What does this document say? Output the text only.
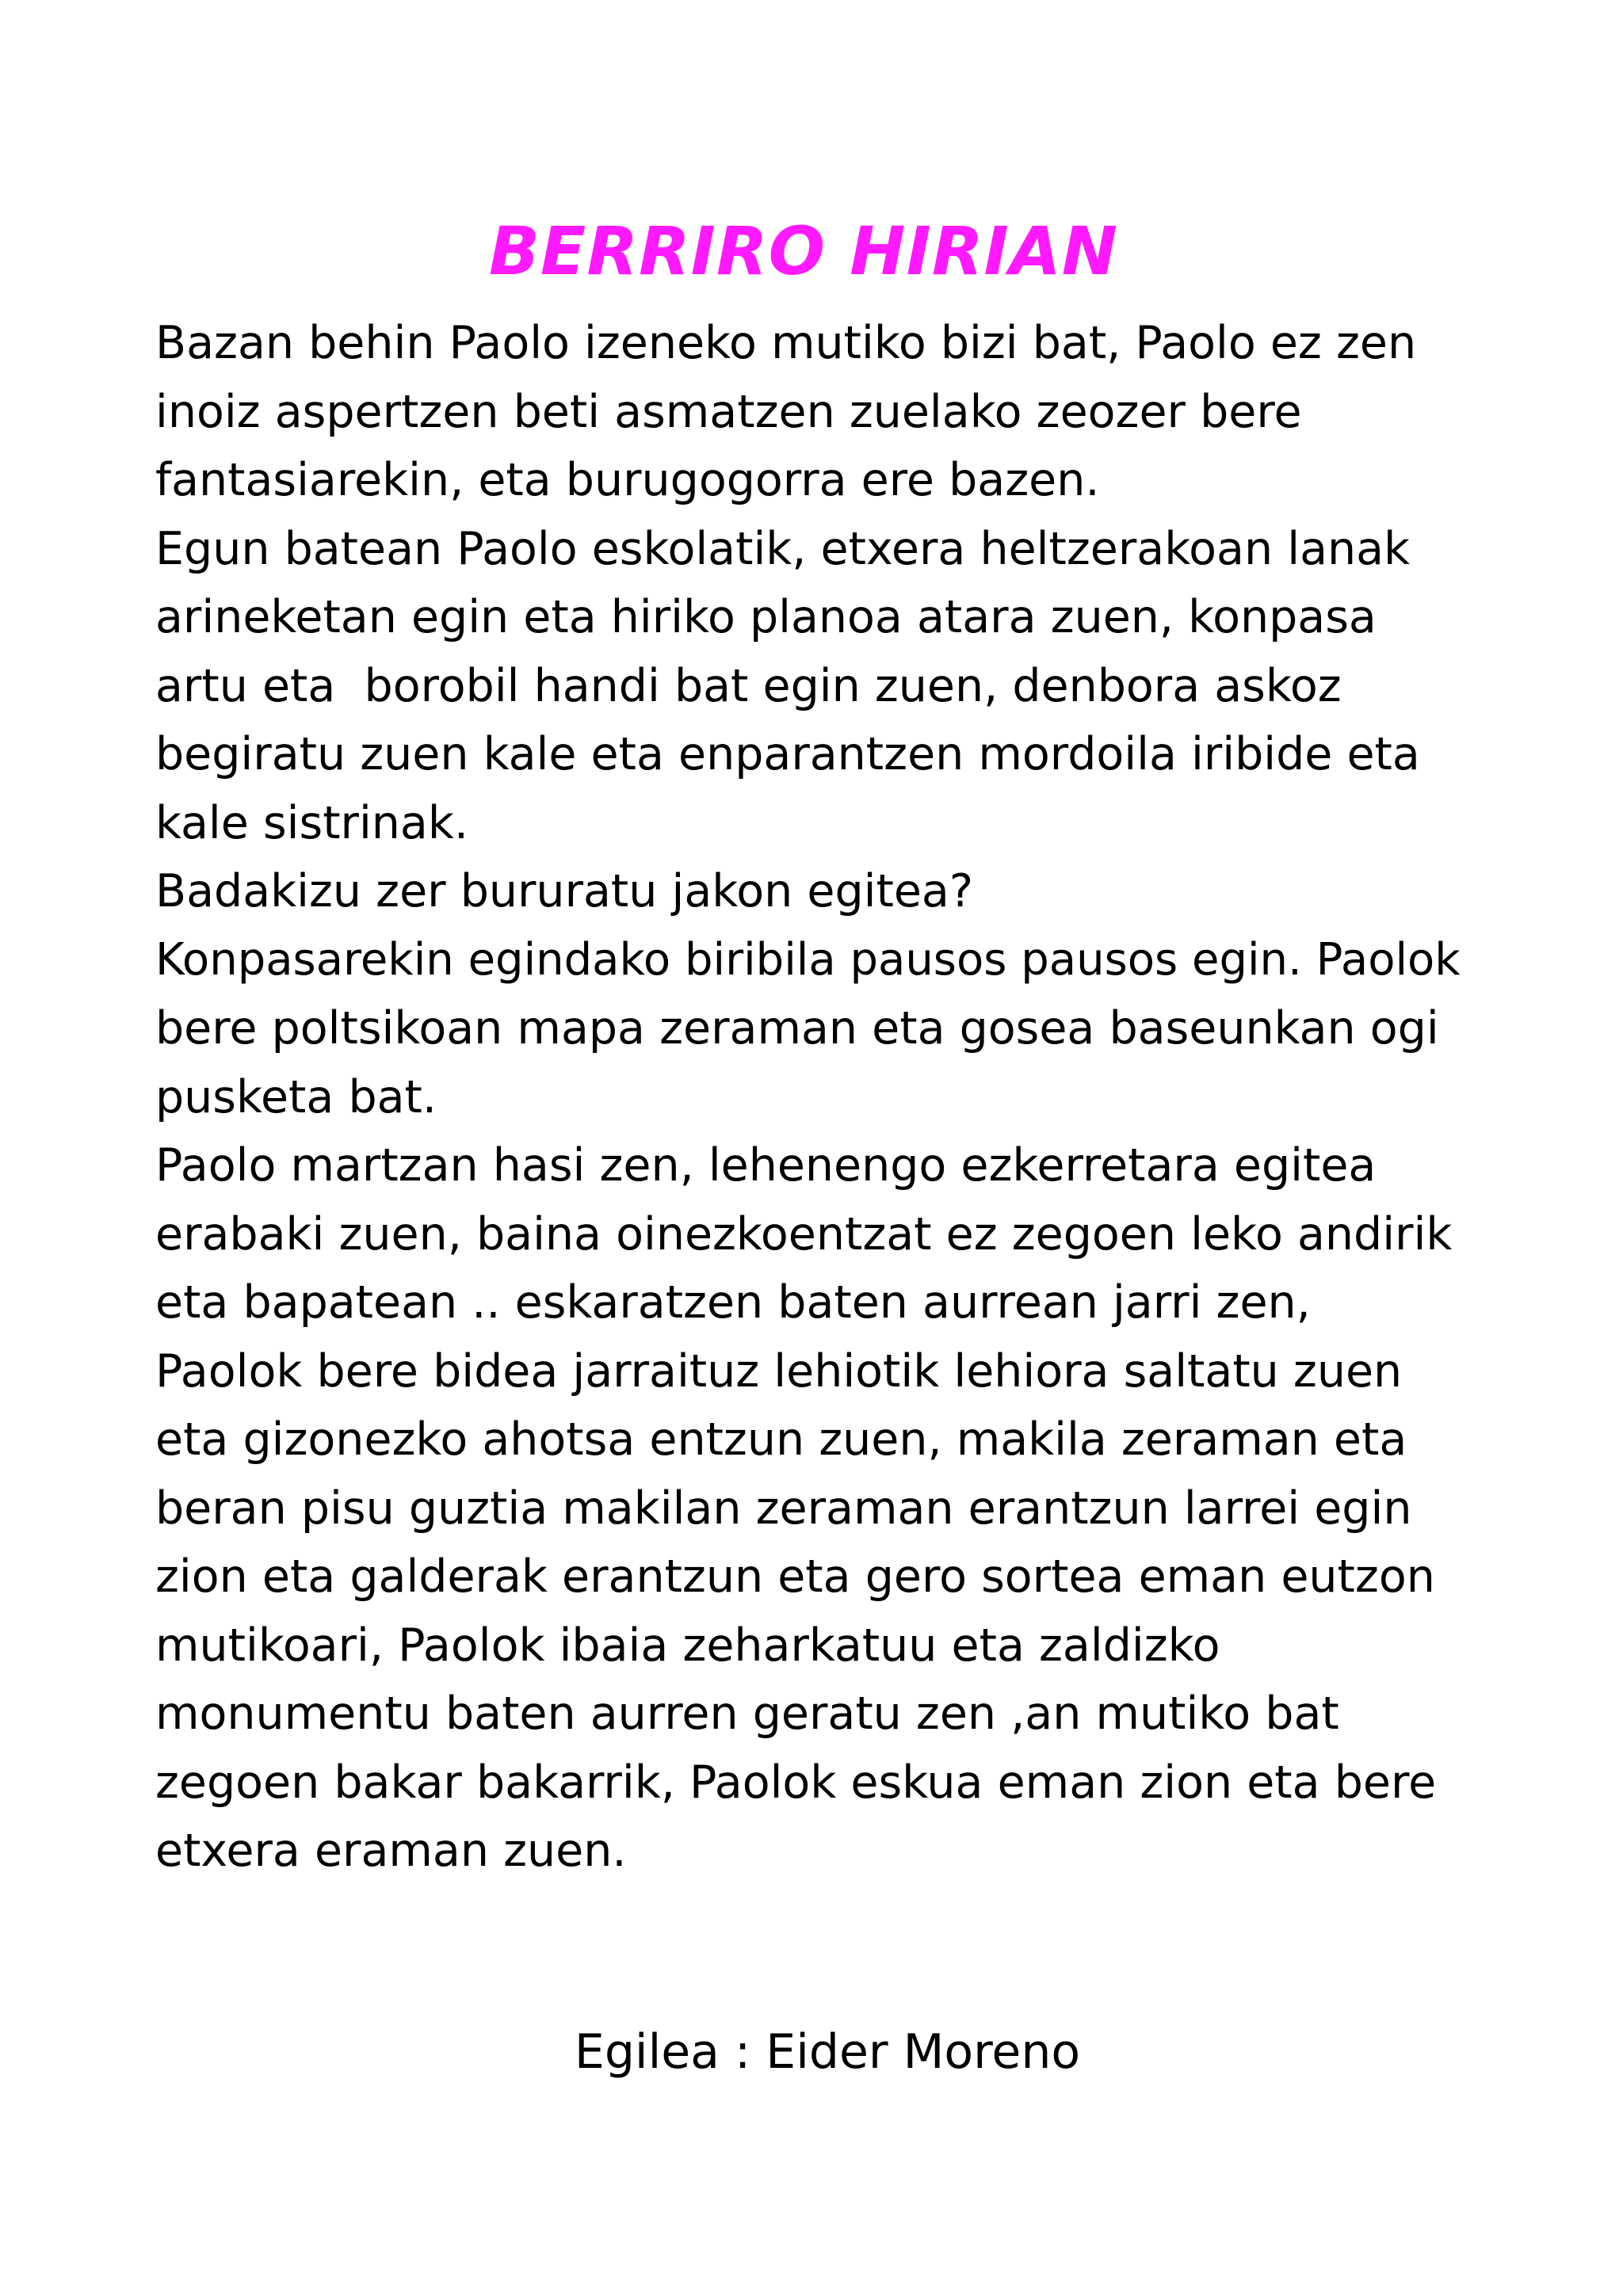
BERRIRO HIRIAN
Bazan behin Paolo izeneko mutiko bizi bat, Paolo ez zen
inoiz aspertzen beti asmatzen zuelako zeozer bere
fantasiarekin, eta burugogorra ere bazen.
Egun batean Paolo eskolatik, etxera heltzerakoan lanak
arineketan egin eta hiriko planoa atara zuen, konpasa
artu eta  borobil handi bat egin zuen, denbora askoz
begiratu zuen kale eta enparantzen mordoila iribide eta
kale sistrinak.
Badakizu zer bururatu jakon egitea?
Konpasarekin egindako biribila pausos pausos egin. Paolok
bere poltsikoan mapa zeraman eta gosea baseunkan ogi
pusketa bat.
Paolo martzan hasi zen, lehenengo ezkerretara egitea
erabaki zuen, baina oinezkoentzat ez zegoen leko andirik
eta bapatean .. eskaratzen baten aurrean jarri zen,
Paolok bere bidea jarraituz lehiotik lehiora saltatu zuen
eta gizonezko ahotsa entzun zuen, makila zeraman eta
beran pisu guztia makilan zeraman erantzun larrei egin
zion eta galderak erantzun eta gero sortea eman eutzon
mutikoari, Paolok ibaia zeharkatuu eta zaldizko
monumentu baten aurren geratu zen ,an mutiko bat
zegoen bakar bakarrik, Paolok eskua eman zion eta bere
etxera eraman zuen.
Egilea : Eider Moreno
